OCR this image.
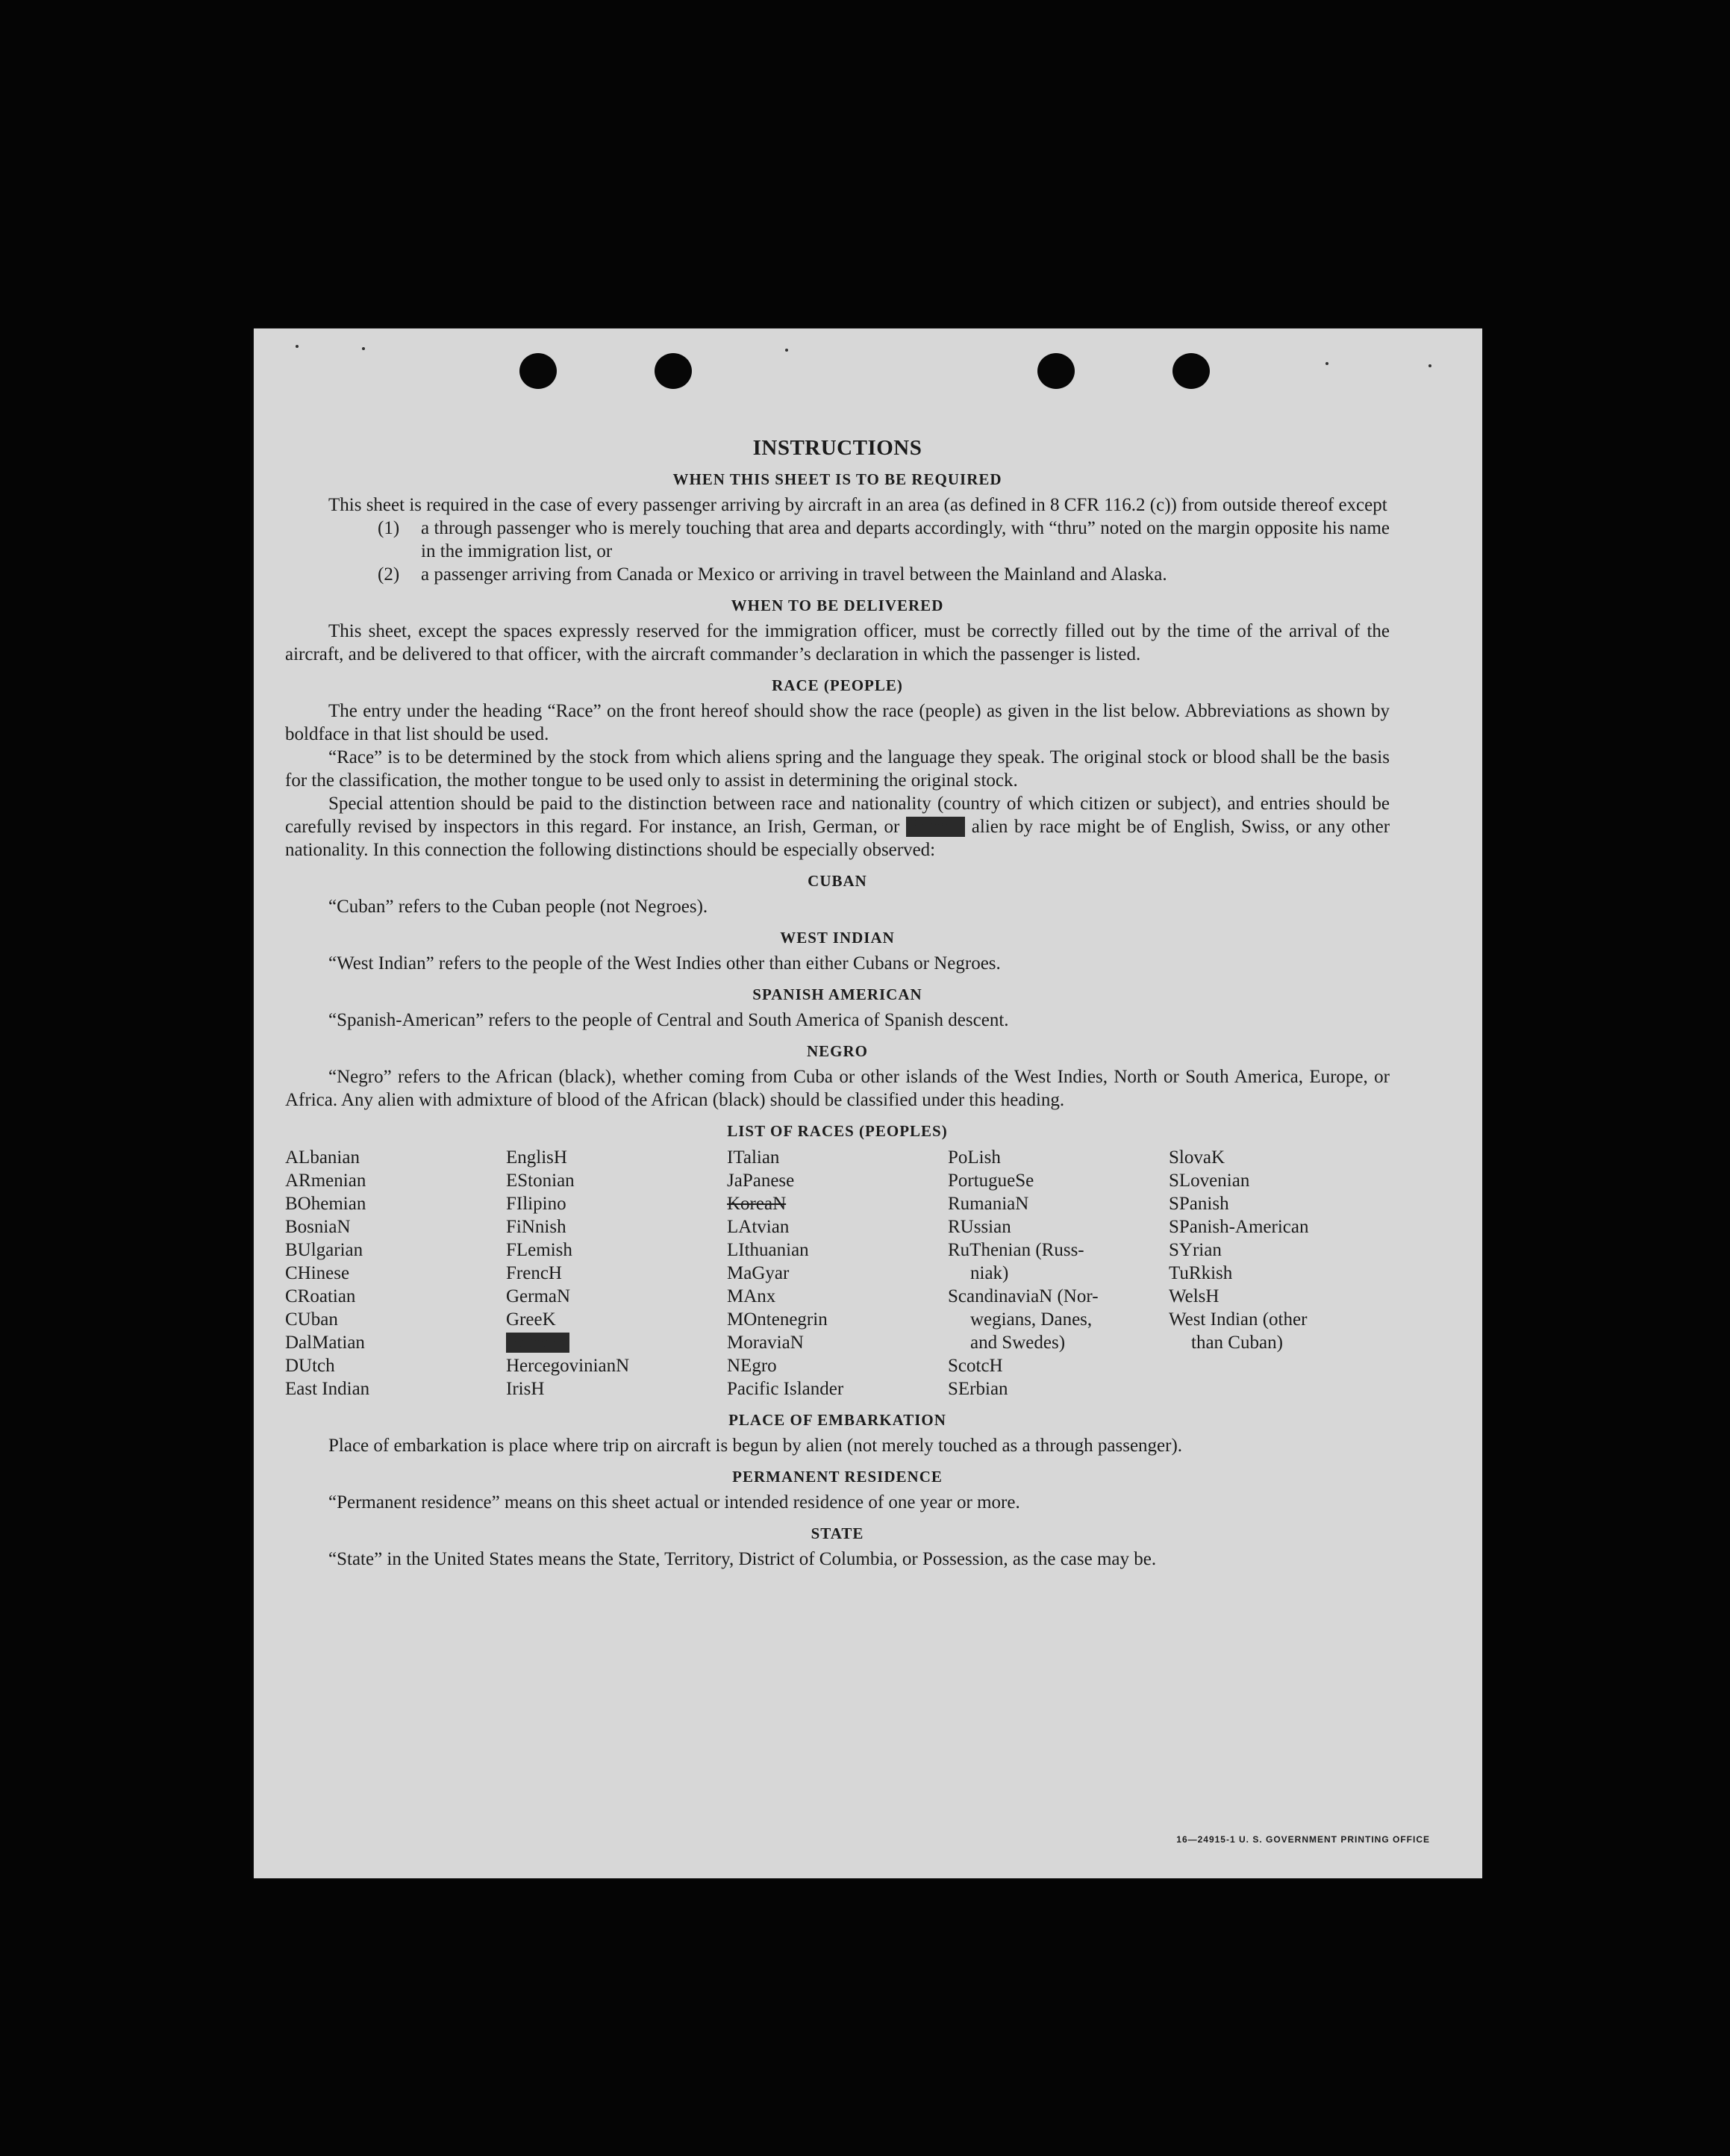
INSTRUCTIONS
WHEN THIS SHEET IS TO BE REQUIRED

This sheet is required in the case of every passenger arriving by aircraft in an area (as defined in 8 CFR 116.2 (c)) from outside thereof except

(1)	a through passenger who is merely touching that area and departs accordingly, with “thru” noted on the margin opposite his name in the immigration list, or
(2)	a passenger arriving from Canada or Mexico or arriving in travel between the Mainland and Alaska.
WHEN TO BE DELIVERED

This sheet, except the spaces expressly reserved for the immigration officer, must be correctly filled out by the time of the arrival of the aircraft, and be delivered to that officer, with the aircraft commander’s declaration in which the passenger is listed.

RACE (PEOPLE)

The entry under the heading “Race” on the front hereof should show the race (people) as given in the list below. Abbreviations as shown by boldface in that list should be used.

“Race” is to be determined by the stock from which aliens spring and the language they speak. The original stock or blood shall be the basis for the classification, the mother tongue to be used only to assist in determining the original stock.

Special attention should be paid to the distinction between race and nationality (country of which citizen or subject), and entries should be carefully revised by inspectors in this regard. For instance, an Irish, German, or Hebrew alien by race might be of English, Swiss, or any other nationality. In this connection the following distinctions should be especially observed:

CUBAN

“Cuban” refers to the Cuban people (not Negroes).

WEST INDIAN

“West Indian” refers to the people of the West Indies other than either Cubans or Negroes.

SPANISH AMERICAN

“Spanish-American” refers to the people of Central and South America of Spanish descent.

NEGRO

“Negro” refers to the African (black), whether coming from Cuba or other islands of the West Indies, North or South America, Europe, or Africa. Any alien with admixture of blood of the African (black) should be classified under this heading.

LIST OF RACES (PEOPLES)
ALbanian
ARmenian
BOhemian
BosniaN
BUlgarian
CHinese
CRoatian
CUban
DalMatian
DUtch
East Indian
EnglisH
EStonian
FIlipino
FiNnish
FLemish
FrencH
GermaN
GreeK
HebreW
HercegovinianN
IrisH
ITalian
JaPanese
KoreaN
LAtvian
LIthuanian
MaGyar
MAnx
MOntenegrin
MoraviaN
NEgro
Pacific Islander
PoLish
PortugueSe
RumaniaN
RUssian
RuThenian (Russ-
niak)
ScandinaviaN (Nor-
wegians, Danes,
and Swedes)
ScotcH
SErbian
SlovaK
SLovenian
SPanish
SPanish-American
SYrian
TuRkish
WelsH
West Indian (other
than Cuban)
PLACE OF EMBARKATION

Place of embarkation is place where trip on aircraft is begun by alien (not merely touched as a through passenger).

PERMANENT RESIDENCE

“Permanent residence” means on this sheet actual or intended residence of one year or more.

STATE

“State” in the United States means the State, Territory, District of Columbia, or Possession, as the case may be.

16—24915-1 U. S. GOVERNMENT PRINTING OFFICE
